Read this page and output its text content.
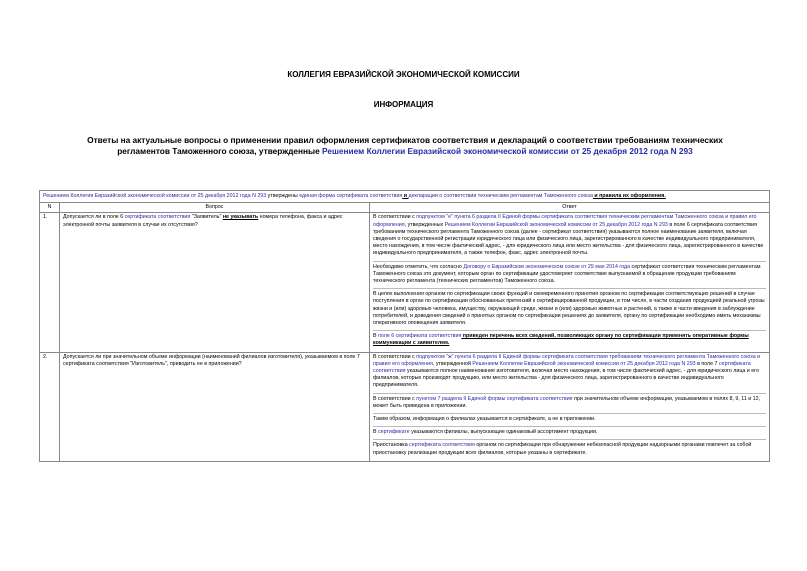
КОЛЛЕГИЯ ЕВРАЗИЙСКОЙ ЭКОНОМИЧЕСКОЙ КОМИССИИ
ИНФОРМАЦИЯ
Ответы на актуальные вопросы о применении правил оформления сертификатов соответствия и деклараций о соответствии требованиям технических регламентов Таможенного союза, утвержденные Решением Коллегии Евразийской экономической комиссии от 25 декабря 2012 года N 293
Решением Коллегии Евразийской экономической комиссии от 25 декабря 2012 года N 293 утверждены единая форма сертификата соответствия и декларации о соответствии техническим регламентам Таможенного союза и правила их оформления.		
N	Вопрос	Ответ
1.	Допускается ли в поле 6 сертификата соответствия "Заявитель" не указывать номера телефона, факса и адрес электронной почты заявителя в случае их отсутствия?	В соответствии с подпунктом "е" пункта 6 раздела II Единой формы сертификата соответствия техническим регламентам Таможенного союза и правил его оформления, утвержденных Решением Коллегии Евразийской экономической комиссии от 25 декабря 2012 года N 293 в поле 6 сертификата соответствия требованиям технического регламента Таможенного союза (далее - сертификат соответствия) указываются полное наименование заявителя, включая сведения о государственной регистрации юридического лица или физического лица, зарегистрированного в качестве индивидуального предпринимателя, место нахождения, в том числе фактический адрес, - для юридического лица или место жительства - для физического лица, зарегистрированного в качестве индивидуального предпринимателя, а также телефон, факс, адрес электронной почты.
Необходимо отметить, что согласно Договору о Евразийском экономическом союзе от 29 мая 2014 года сертификат соответствия техническим регламентам Таможенного союза это документ, которым орган по сертификации удостоверяет соответствие выпускаемой в обращение продукции требованиям технического регламента (технических регламентов) Таможенного союза.
В целях выполнения органом по сертификации своих функций и своевременного принятия органом по сертификации соответствующих решений в случае поступления в орган по сертификации обоснованных претензий к сертифицированной продукции, в том числе, в части создания продукцией реальной угрозы жизни и (или) здоровью человека, имуществу, окружающей среде, жизни и (или) здоровью животных и растений, а также в части введения в заблуждение потребителей, и доведения сведений о принятых органом по сертификации решениях до заявителя, органу по сертификации необходимо иметь механизмы оперативного оповещения заявителя.
В поле 6 сертификата соответствия приведен перечень всех сведений, позволяющих органу по сертификации применять оперативные формы коммуникации с заявителем.

2.	Допускается ли при значительном объеме информации (наименований филиалов изготовителя), указываемом в поле 7 сертификата соответствия "Изготовитель", приводить ее в приложении?	В соответствии с подпунктом "ж" пункта 6 раздела II Единой формы сертификата соответствия требованиям технического регламента Таможенного союза и правил его оформления, утвержденной Решением Коллегии Евразийской экономической комиссии от 25 декабря 2012 года N 293 в поле 7 сертификата соответствия указываются полное наименование изготовителя, включая место нахождения, в том числе фактический адрес, - для юридического лица и его филиалов, которые производят продукцию, или место жительства - для физического лица, зарегистрированного в качестве индивидуального предпринимателя.
В соответствии с пунктом 7 раздела II Единой формы сертификата соответствия при значительном объеме информации, указываемом в полях 8, 9, 11 и 12, может быть приведена в приложении.
Таким образом, информация о филиалах указывается в сертификате, а не в приложении.
В сертификате указываются филиалы, выпускающие одинаковый ассортимент продукции.
Приостановка сертификата соответствия органом по сертификации при обнаружении небезопасной продукции надзорными органами повлечет за собой приостановку реализации продукции всех филиалов, которые указаны в сертификате.
